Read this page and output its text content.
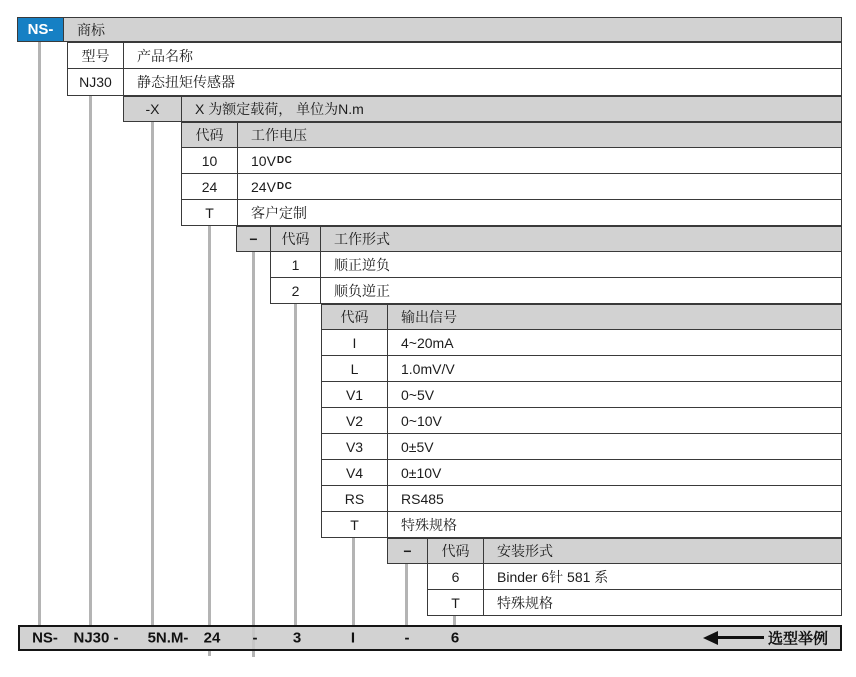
NS- 商标
型号 产品名称
NJ30 静态扭矩传感器
-X	X 为额定载荷， 单位为N.m
代码 工作电压
10 10V DC
24 24V DC
T	客户定制
− 代码 工作形式
1 顺正逆负
2 顺负逆正
代码 输出信号
I	4~20mA
L	1.0mV/V
V1	0~5V
V2	0~10V
V3	0±5V
V4	0±10V
RS	RS485
T	特殊规格
− 代码 安装形式
6	Binder 6针 581 系
T	特殊规格
NS- NJ30 - 5N.M- 24 - 3	I	-	6	选型举例
